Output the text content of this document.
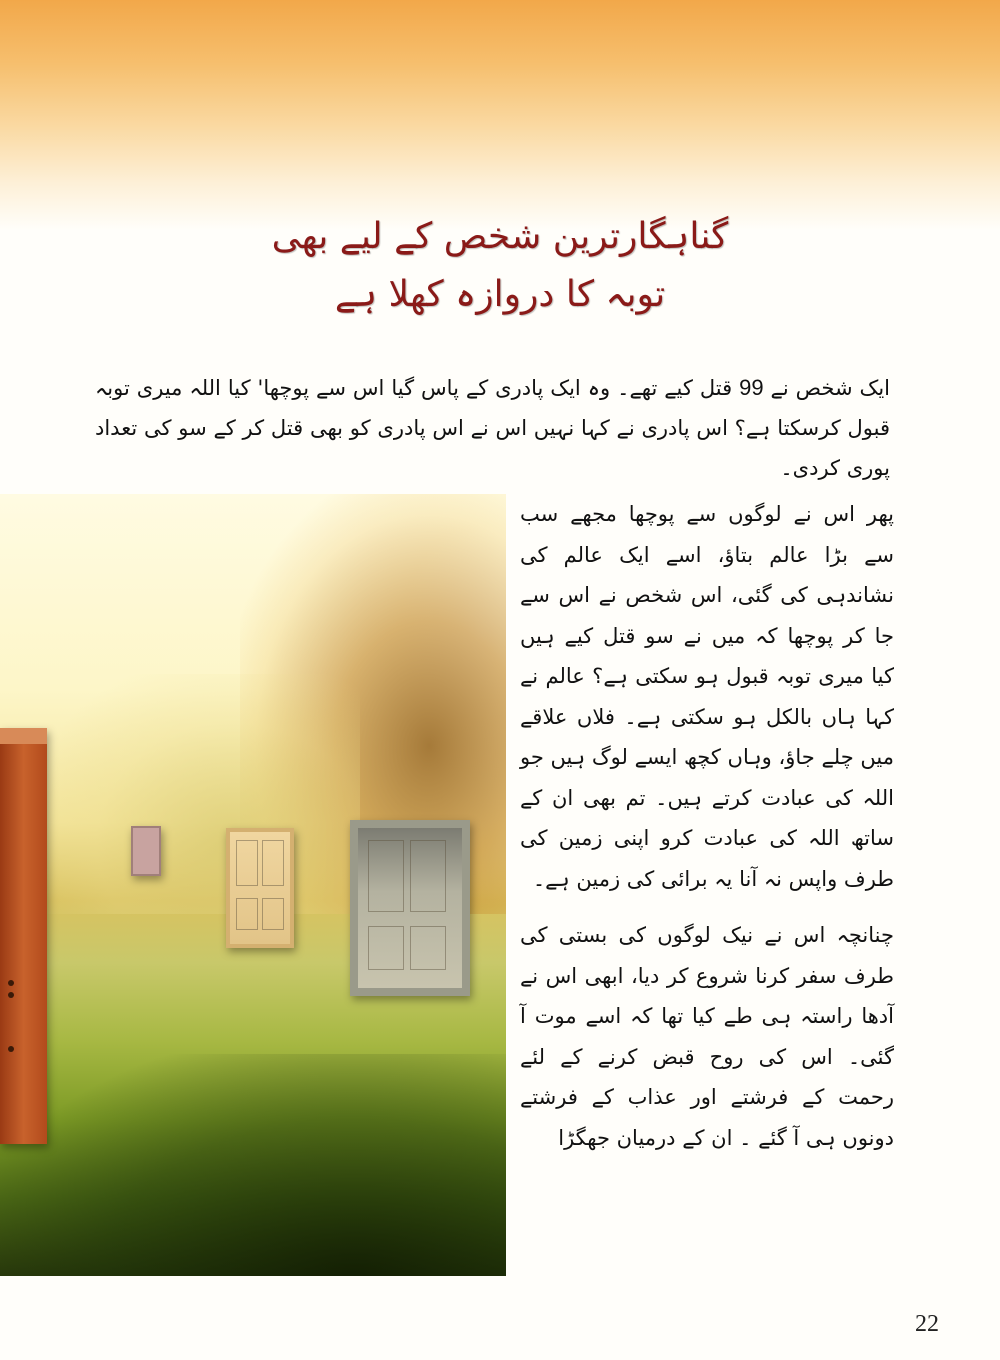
گناہگارترین شخص کے لیے بھی
توبہ کا دروازہ کھلا ہے

ایک شخص نے 99 قتل کیے تھے۔ وہ ایک پادری کے پاس گیا اس سے پوچھا' کیا اللہ میری توبہ قبول کرسکتا ہے؟ اس پادری نے کہا نہیں اس نے اس پادری کو بھی قتل کر کے سو کی تعداد پوری کردی۔

پھر اس نے لوگوں سے پوچھا مجھے سب سے بڑا عالم بتاؤ، اسے ایک عالم کی نشاندہی کی گئی، اس شخص نے اس سے جا کر پوچھا کہ میں نے سو قتل کیے ہیں کیا میری توبہ قبول ہو سکتی ہے؟ عالم نے کہا ہاں بالکل ہو سکتی ہے۔ فلاں علاقے میں چلے جاؤ، وہاں کچھ ایسے لوگ ہیں جو اللہ کی عبادت کرتے ہیں۔ تم بھی ان کے ساتھ اللہ کی عبادت کرو اپنی زمین کی طرف واپس نہ آنا یہ برائی کی زمین ہے۔

چنانچہ اس نے نیک لوگوں کی بستی کی طرف سفر کرنا شروع کر دیا، ابھی اس نے آدھا راستہ ہی طے کیا تھا کہ اسے موت آ گئی۔ اس کی روح قبض کرنے کے لئے رحمت کے فرشتے اور عذاب کے فرشتے دونوں ہی آ گئے ۔ ان کے درمیان جھگڑا

22
